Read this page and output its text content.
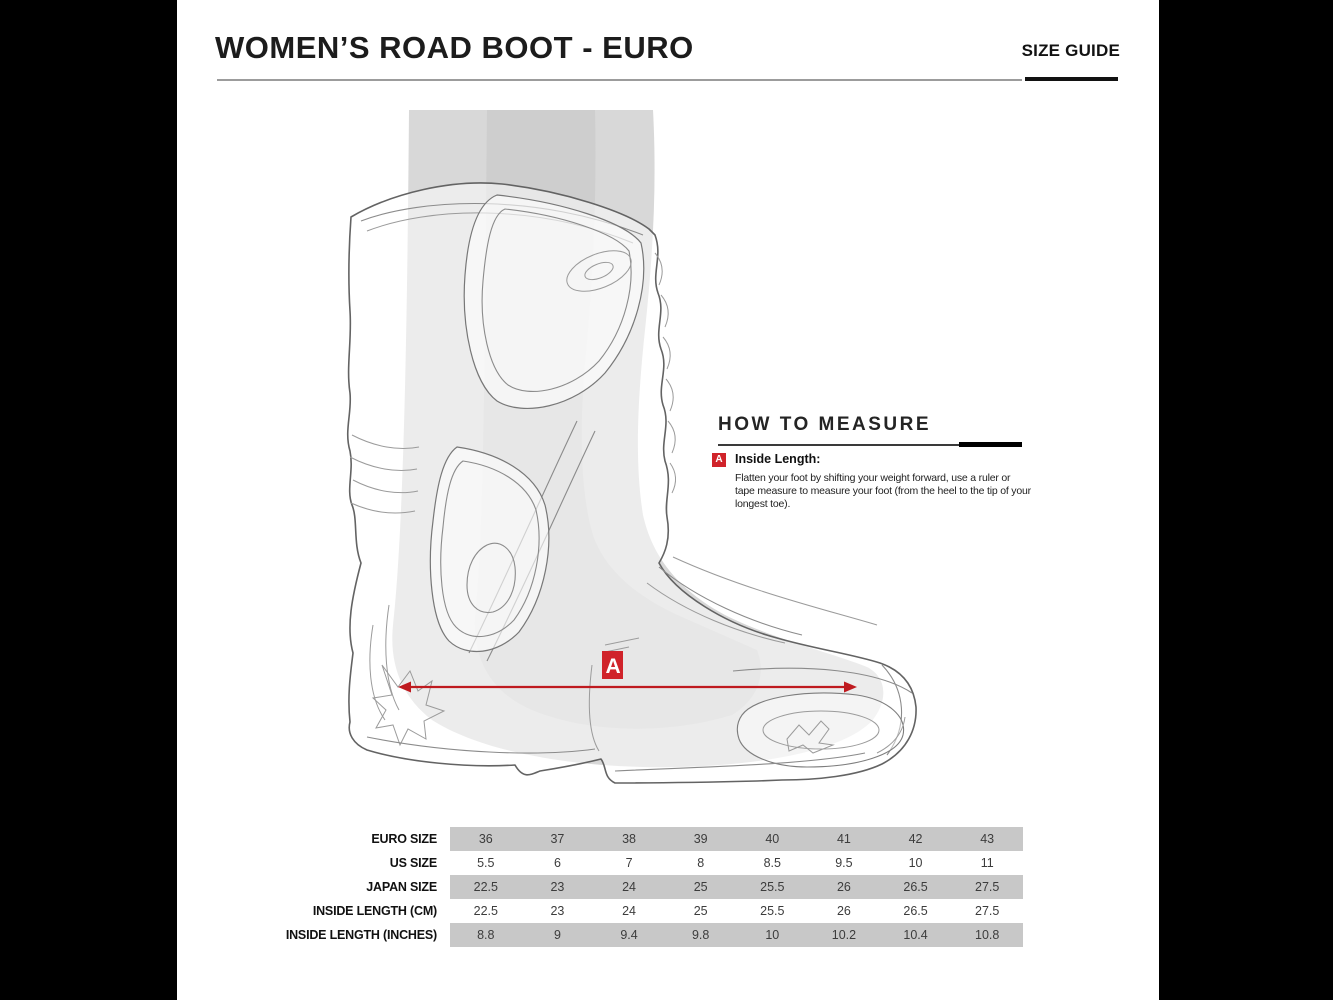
WOMEN’S ROAD BOOT - EURO	SIZE GUIDE
A
HOW TO MEASURE
A Inside Length:
Flatten your foot by shifting your weight forward, use a ruler or tape measure to measure your foot (from the heel to the tip of your longest toe).
EURO SIZE	36	37	38	39	40	41	42	43
US SIZE	5.5	6	7	8	8.5	9.5	10	11
JAPAN SIZE	22.5	23	24	25	25.5	26	26.5	27.5
INSIDE LENGTH (CM)	22.5	23	24	25	25.5	26	26.5	27.5
INSIDE LENGTH (INCHES)	8.8	9	9.4	9.8	10	10.2	10.4	10.8
